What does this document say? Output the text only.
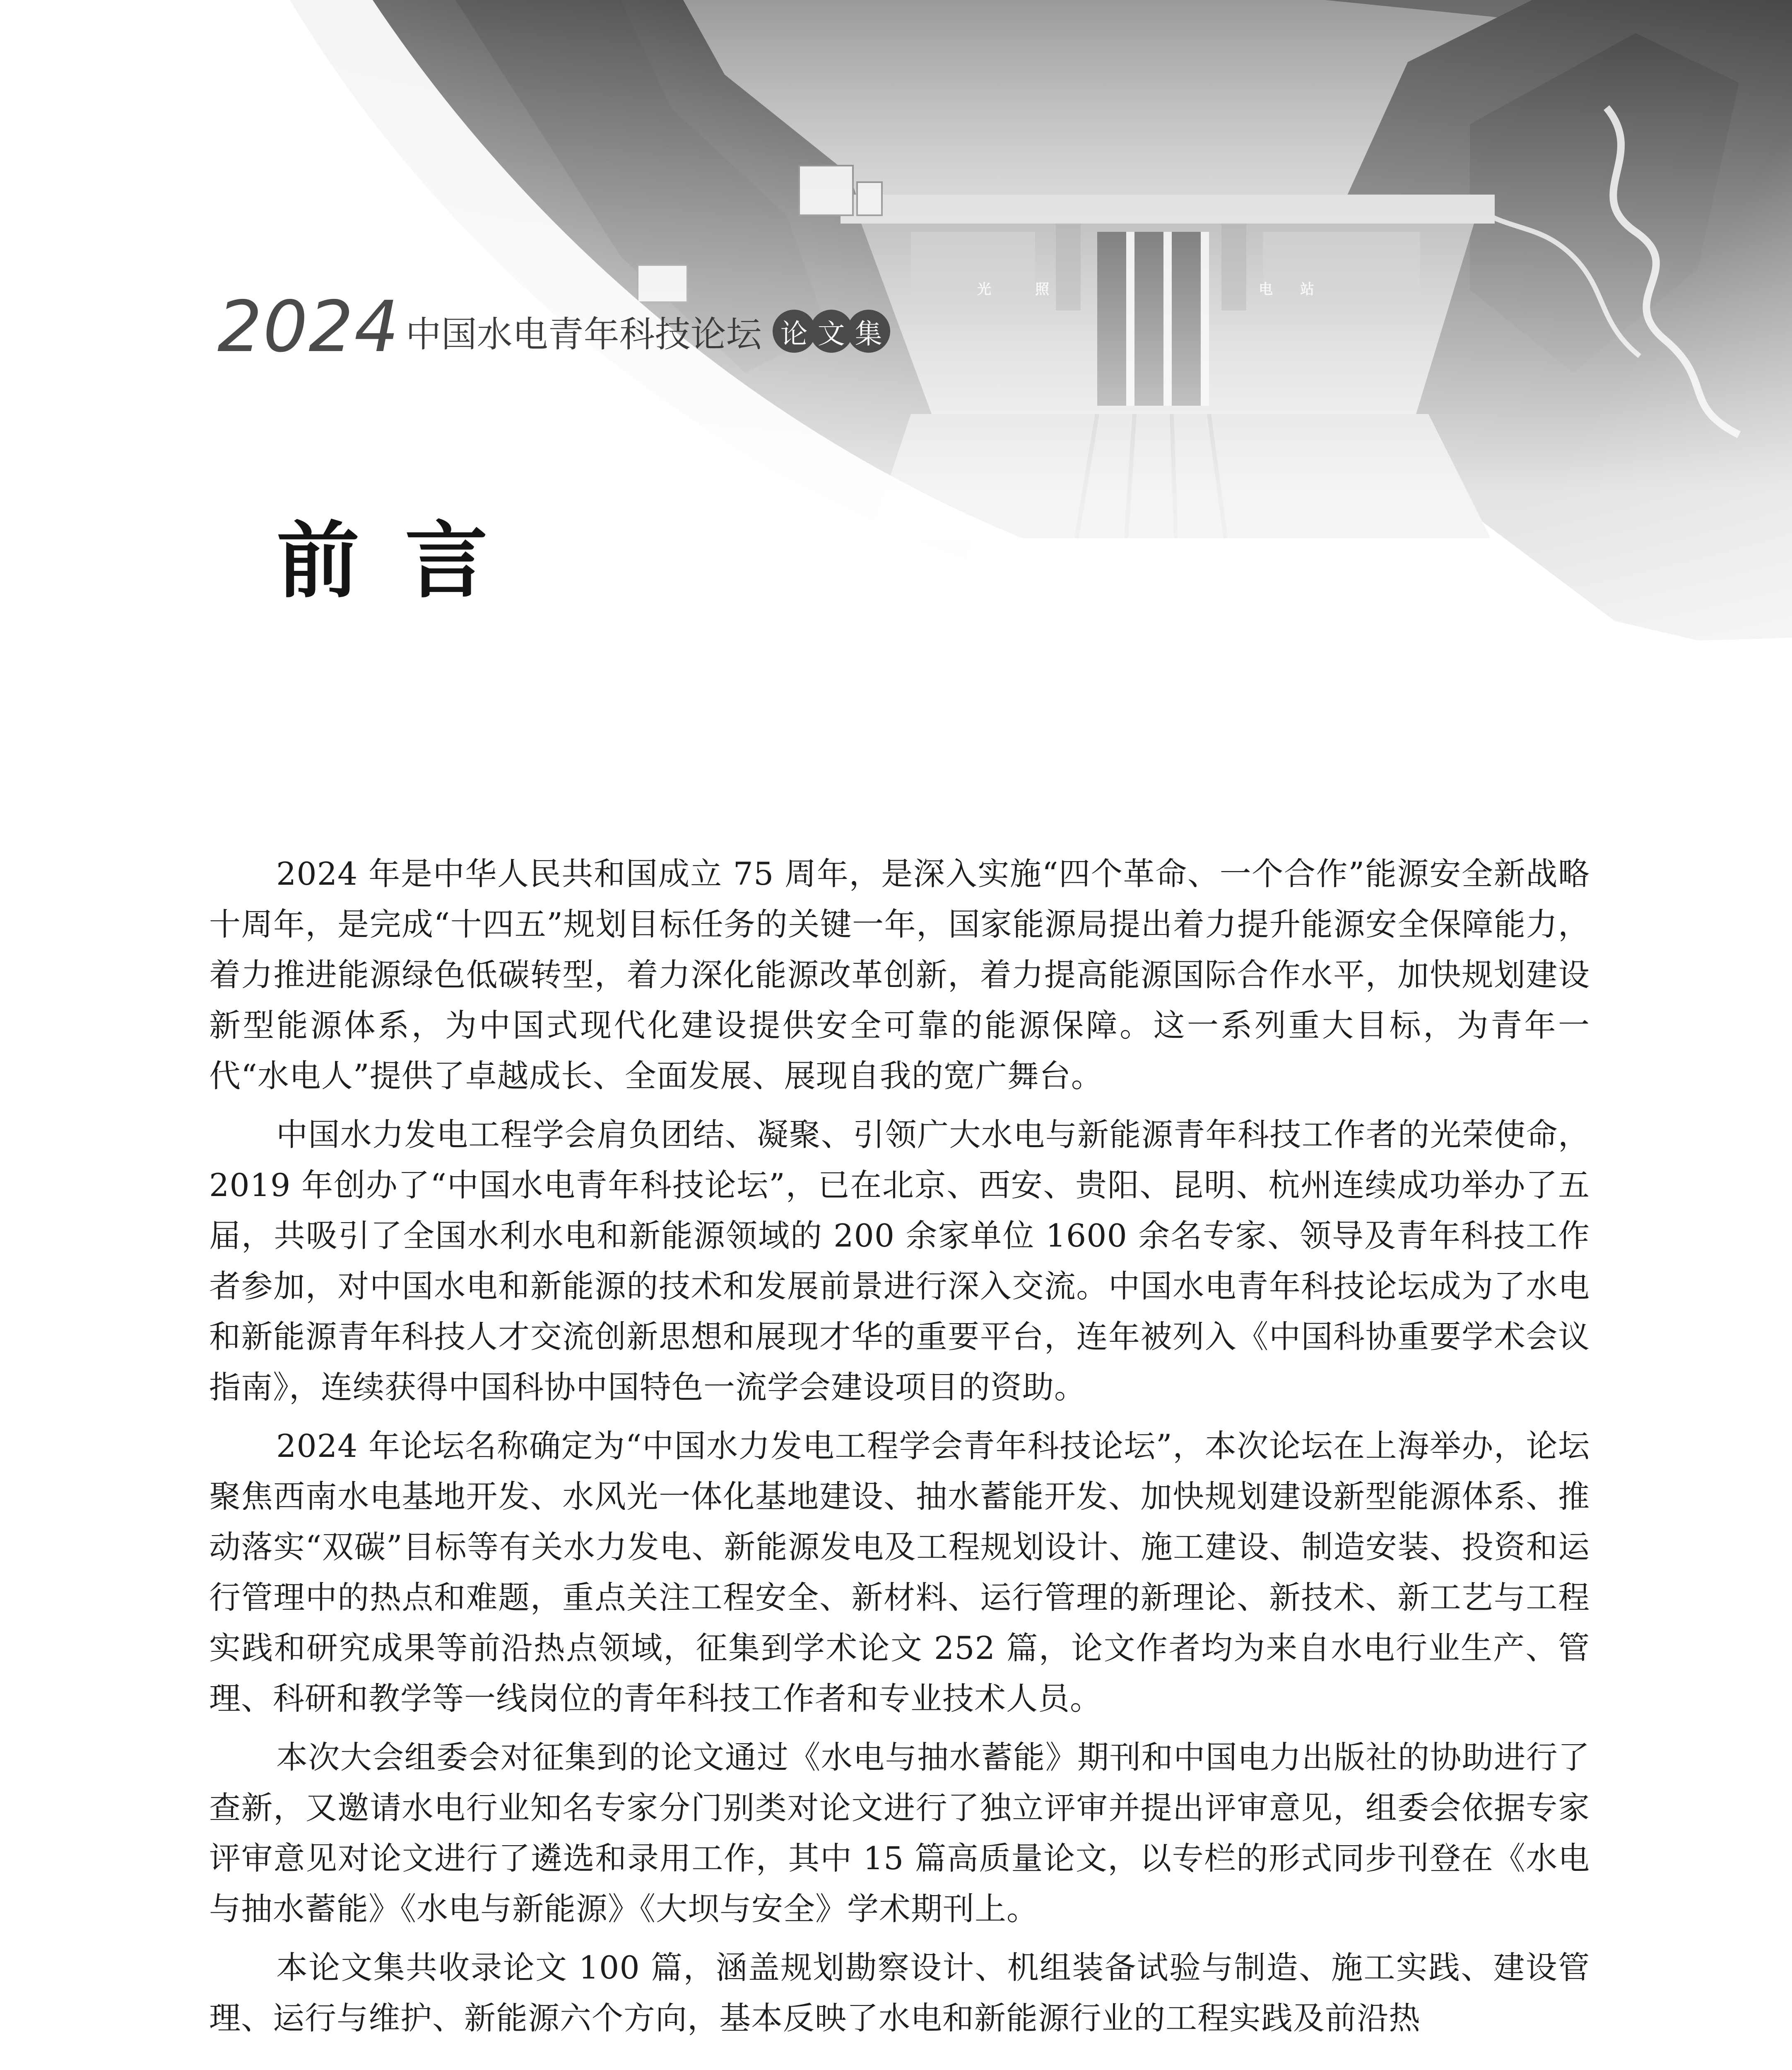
2024 中国水电青年科技论坛 论 文 集
前言

2024 年是中华人民共和国成立 75 周年，是深入实施“四个革命、一个合作”能源安全新战略十周年，是完成“十四五”规划目标任务的关键一年，国家能源局提出着力提升能源安全保障能力，着力推进能源绿色低碳转型，着力深化能源改革创新，着力提高能源国际合作水平，加快规划建设新型能源体系，为中国式现代化建设提供安全可靠的能源保障。这一系列重大目标，为青年一代“水电人”提供了卓越成长、全面发展、展现自我的宽广舞台。

中国水力发电工程学会肩负团结、凝聚、引领广大水电与新能源青年科技工作者的光荣使命，2019 年创办了“中国水电青年科技论坛”，已在北京、西安、贵阳、昆明、杭州连续成功举办了五届，共吸引了全国水利水电和新能源领域的 200 余家单位 1600 余名专家、领导及青年科技工作者参加，对中国水电和新能源的技术和发展前景进行深入交流。中国水电青年科技论坛成为了水电和新能源青年科技人才交流创新思想和展现才华的重要平台，连年被列入《中国科协重要学术会议指南》，连续获得中国科协中国特色一流学会建设项目的资助。

2024 年论坛名称确定为“中国水力发电工程学会青年科技论坛”，本次论坛在上海举办，论坛聚焦西南水电基地开发、水风光一体化基地建设、抽水蓄能开发、加快规划建设新型能源体系、推动落实“双碳”目标等有关水力发电、新能源发电及工程规划设计、施工建设、制造安装、投资和运行管理中的热点和难题，重点关注工程安全、新材料、运行管理的新理论、新技术、新工艺与工程实践和研究成果等前沿热点领域，征集到学术论文 252 篇，论文作者均为来自水电行业生产、管理、科研和教学等一线岗位的青年科技工作者和专业技术人员。

本次大会组委会对征集到的论文通过《水电与抽水蓄能》期刊和中国电力出版社的协助进行了查新，又邀请水电行业知名专家分门别类对论文进行了独立评审并提出评审意见，组委会依据专家评审意见对论文进行了遴选和录用工作，其中 15 篇高质量论文，以专栏的形式同步刊登在《水电与抽水蓄能》《水电与新能源》《大坝与安全》学术期刊上。

本论文集共收录论文 100 篇，涵盖规划勘察设计、机组装备试验与制造、施工实践、建设管理、运行与维护、新能源六个方向，基本反映了水电和新能源行业的工程实践及前沿热
